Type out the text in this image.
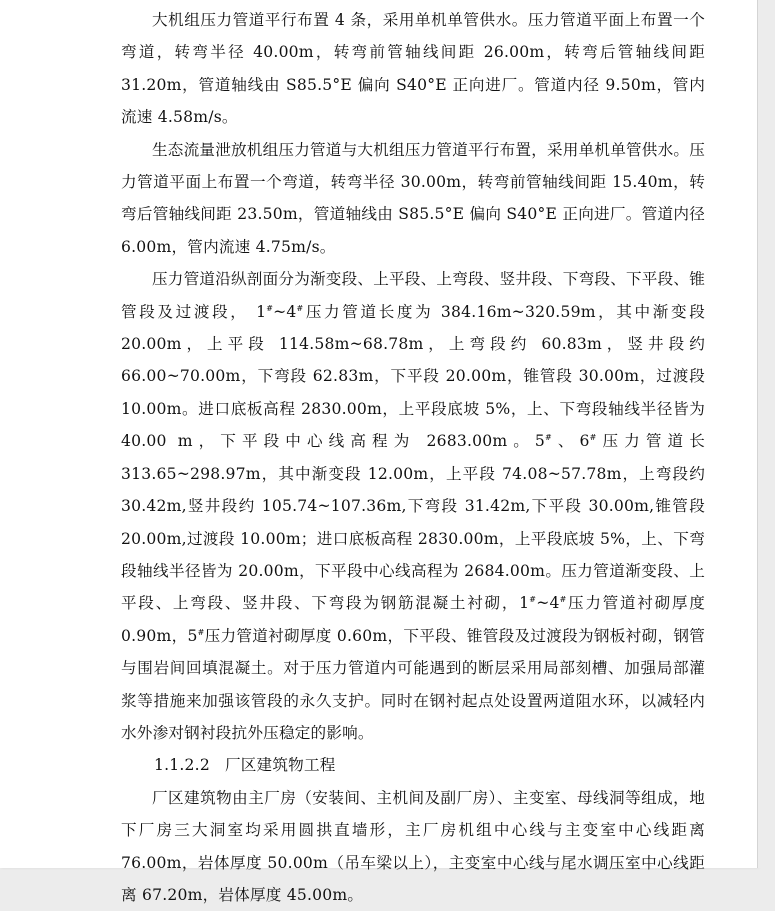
大机组压力管道平行布置 4 条，采用单机单管供水。压力管道平面上布置一个弯道，转弯半径 40.00m，转弯前管轴线间距 26.00m，转弯后管轴线间距 31.20m，管道轴线由 S85.5°E 偏向 S40°E 正向进厂。管道内径 9.50m，管内流速 4.58m/s。

生态流量泄放机组压力管道与大机组压力管道平行布置，采用单机单管供水。压力管道平面上布置一个弯道，转弯半径 30.00m，转弯前管轴线间距 15.40m，转弯后管轴线间距 23.50m，管道轴线由 S85.5°E 偏向 S40°E 正向进厂。管道内径 6.00m，管内流速 4.75m/s。

压力管道沿纵剖面分为渐变段、上平段、上弯段、竖井段、下弯段、下平段、锥管段及过渡段， 1#~4#压力管道长度为 384.16m~320.59m，其中渐变段 20.00m，上平段 114.58m~68.78m，上弯段约 60.83m，竖井段约 66.00~70.00m，下弯段 62.83m，下平段 20.00m，锥管段 30.00m，过渡段 10.00m。进口底板高程 2830.00m，上平段底坡 5%，上、下弯段轴线半径皆为 40.00 m，下平段中心线高程为 2683.00m。5#、6#压力管道长 313.65~298.97m，其中渐变段 12.00m，上平段 74.08~57.78m，上弯段约 30.42m,竖井段约 105.74~107.36m,下弯段 31.42m,下平段 30.00m,锥管段 20.00m,过渡段 10.00m；进口底板高程 2830.00m，上平段底坡 5%，上、下弯段轴线半径皆为 20.00m，下平段中心线高程为 2684.00m。压力管道渐变段、上平段、上弯段、竖井段、下弯段为钢筋混凝土衬砌，1#~4#压力管道衬砌厚度 0.90m，5#压力管道衬砌厚度 0.60m，下平段、锥管段及过渡段为钢板衬砌，钢管与围岩间回填混凝土。对于压力管道内可能遇到的断层采用局部刻槽、加强局部灌浆等措施来加强该管段的永久支护。同时在钢衬起点处设置两道阻水环，以减轻内水外渗对钢衬段抗外压稳定的影响。

1.1.2.2 厂区建筑物工程

厂区建筑物由主厂房（安装间、主机间及副厂房）、主变室、母线洞等组成，地下厂房三大洞室均采用圆拱直墙形，主厂房机组中心线与主变室中心线距离 76.00m，岩体厚度 50.00m（吊车梁以上），主变室中心线与尾水调压室中心线距离 67.20m，岩体厚度 45.00m。
